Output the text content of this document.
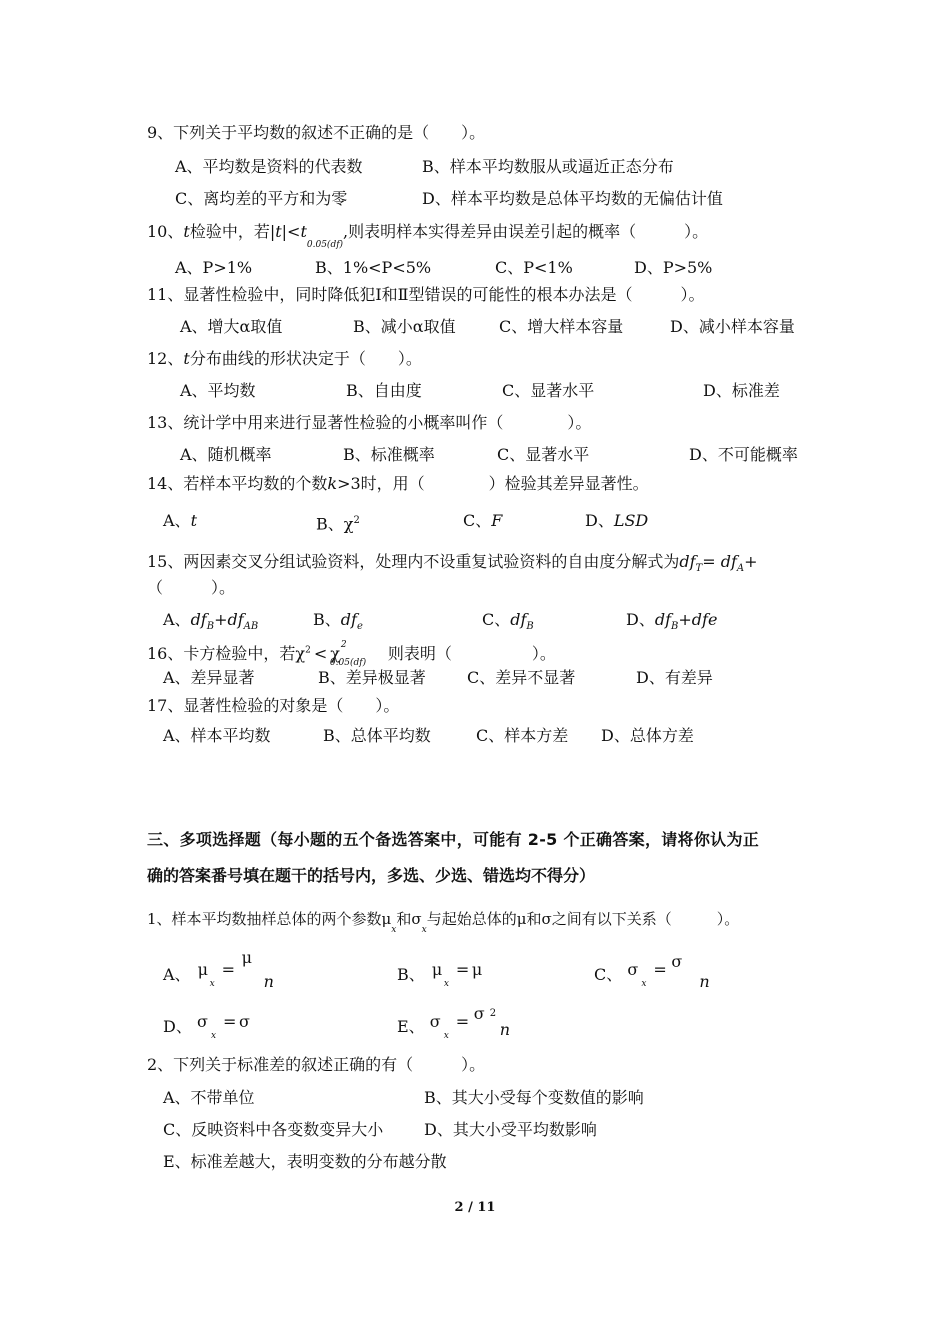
9、下列关于平均数的叙述不正确的是（　　）。
A、平均数是资料的代表数	B、样本平均数服从或逼近正态分布
C、离均差的平方和为零	D、样本平均数是总体平均数的无偏估计值
10、t检验中，若$|t|<t_{0.05(df)}$,则表明样本实得差异由误差引起的概率（　　　）。
A、P>1%	B、1%<P<5%	C、P<1%	D、P>5%
11、显著性检验中，同时降低犯Ⅰ和Ⅱ型错误的可能性的根本办法是（　　　）。
A、增大α取值	B、减小α取值	C、增大样本容量	D、减小样本容量
12、t分布曲线的形状决定于（　　）。
A、平均数	B、自由度	C、显著水平	D、标准差
13、统计学中用来进行显著性检验的小概率叫作（　　　　）。
A、随机概率	B、标准概率	C、显著水平	D、不可能概率
14、若样本平均数的个数k>3时，用（　　　　）检验其差异显著性。
A、t	B、$\chi^2$	C、F	D、LSD
15、两因素交叉分组试验资料，处理内不设重复试验资料的自由度分解式为$df_T= df_A+$
（　　　）。
A、$df_B+df_{AB}$	B、$df_e$	C、$df_B$	D、$df_B+dfe$
16、卡方检验中，若$\chi^2 < \chi$ 2
0.05(df) 则表明（　　　　　）。
A、差异显著	B、差异极显著	C、差异不显著	D、有差异
17、显著性检验的对象是（　　）。
A、样本平均数	B、总体平均数	C、样本方差 D、总体方差
三、多项选择题（每小题的五个备选答案中，可能有 2-5 个正确答案，请将你认为正
确的答案番号填在题干的括号内，多选、少选、错选均不得分）
1、样本平均数抽样总体的两个参数$\mu_x$和$\sigma_x$与起始总体的μ和σ之间有以下关系（　　　）。
A、 μ
x
=
μ
n	B、 μ
x
= μ	C、 σ
x
= σ
n
D、 σ
x
= σ	E、 σ
x
= σ 2
n
2、下列关于标准差的叙述正确的有（　　　）。
A、不带单位	B、其大小受每个变数值的影响
C、反映资料中各变数变异大小	D、其大小受平均数影响
E、标准差越大，表明变数的分布越分散
2 / 11
